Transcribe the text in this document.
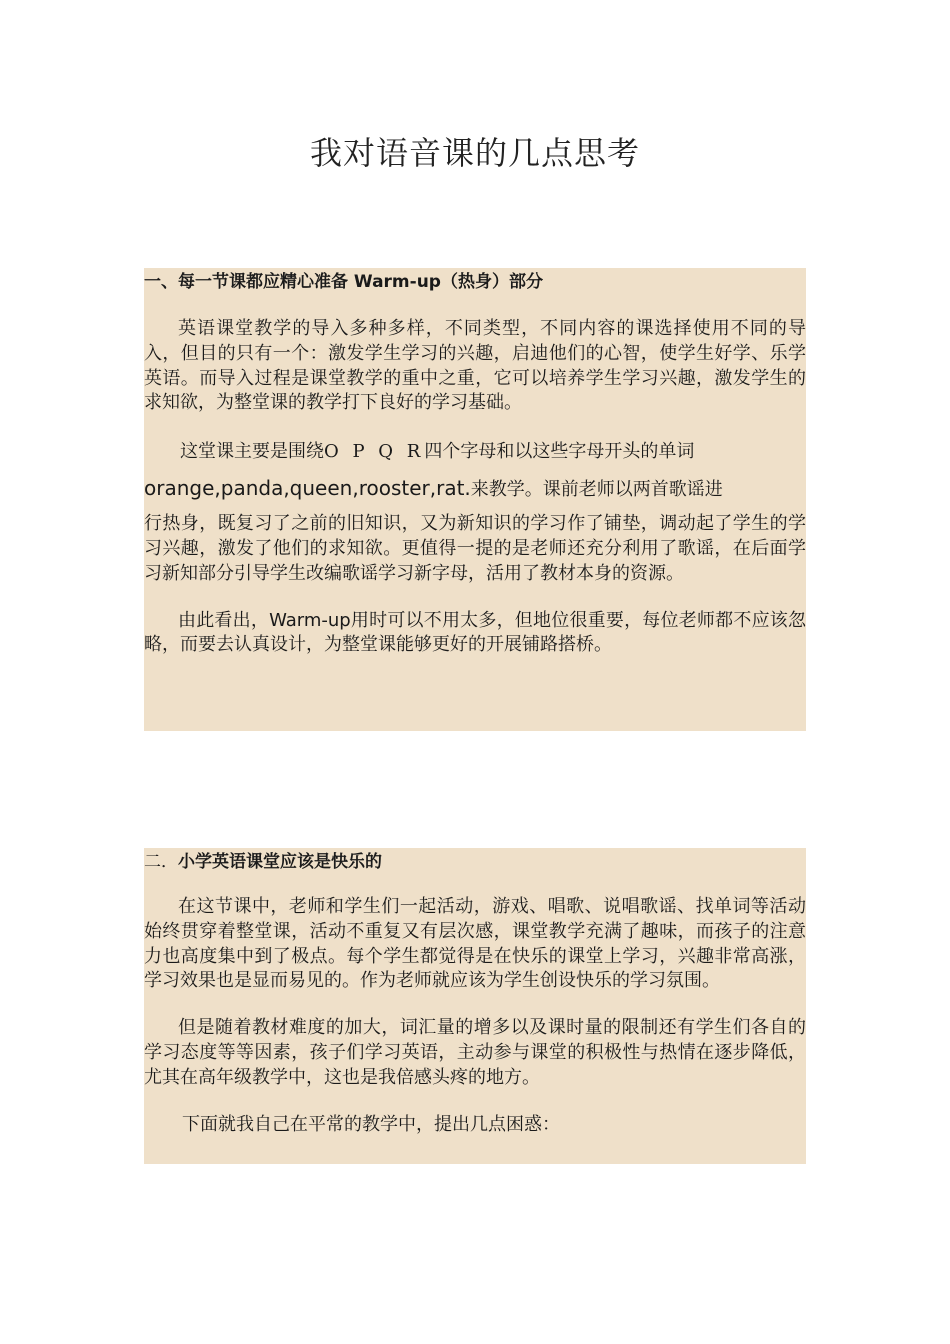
我对语音课的几点思考

一、每一节课都应精心准备 Warm-up（热身）部分

英语课堂教学的导入多种多样，不同类型，不同内容的课选择使用不同的导入，但目的只有一个：激发学生学习的兴趣，启迪他们的心智，使学生好学、乐学英语。而导入过程是课堂教学的重中之重，它可以培养学生学习兴趣，激发学生的求知欲，为整堂课的教学打下良好的学习基础。

这堂课主要是围绕O P Q R四个字母和以这些字母开头的单词

orange,panda,queen,rooster,rat.来教学。课前老师以两首歌谣进

行热身，既复习了之前的旧知识，又为新知识的学习作了铺垫，调动起了学生的学习兴趣，激发了他们的求知欲。更值得一提的是老师还充分利用了歌谣，在后面学习新知部分引导学生改编歌谣学习新字母，活用了教材本身的资源。

由此看出，Warm-up用时可以不用太多，但地位很重要，每位老师都不应该忽略，而要去认真设计，为整堂课能够更好的开展铺路搭桥。

二．小学英语课堂应该是快乐的

在这节课中，老师和学生们一起活动，游戏、唱歌、说唱歌谣、找单词等活动始终贯穿着整堂课，活动不重复又有层次感，课堂教学充满了趣味，而孩子的注意力也高度集中到了极点。每个学生都觉得是在快乐的课堂上学习，兴趣非常高涨，学习效果也是显而易见的。作为老师就应该为学生创设快乐的学习氛围。

但是随着教材难度的加大，词汇量的增多以及课时量的限制还有学生们各自的学习态度等等因素，孩子们学习英语，主动参与课堂的积极性与热情在逐步降低，尤其在高年级教学中，这也是我倍感头疼的地方。

下面就我自己在平常的教学中，提出几点困惑：
